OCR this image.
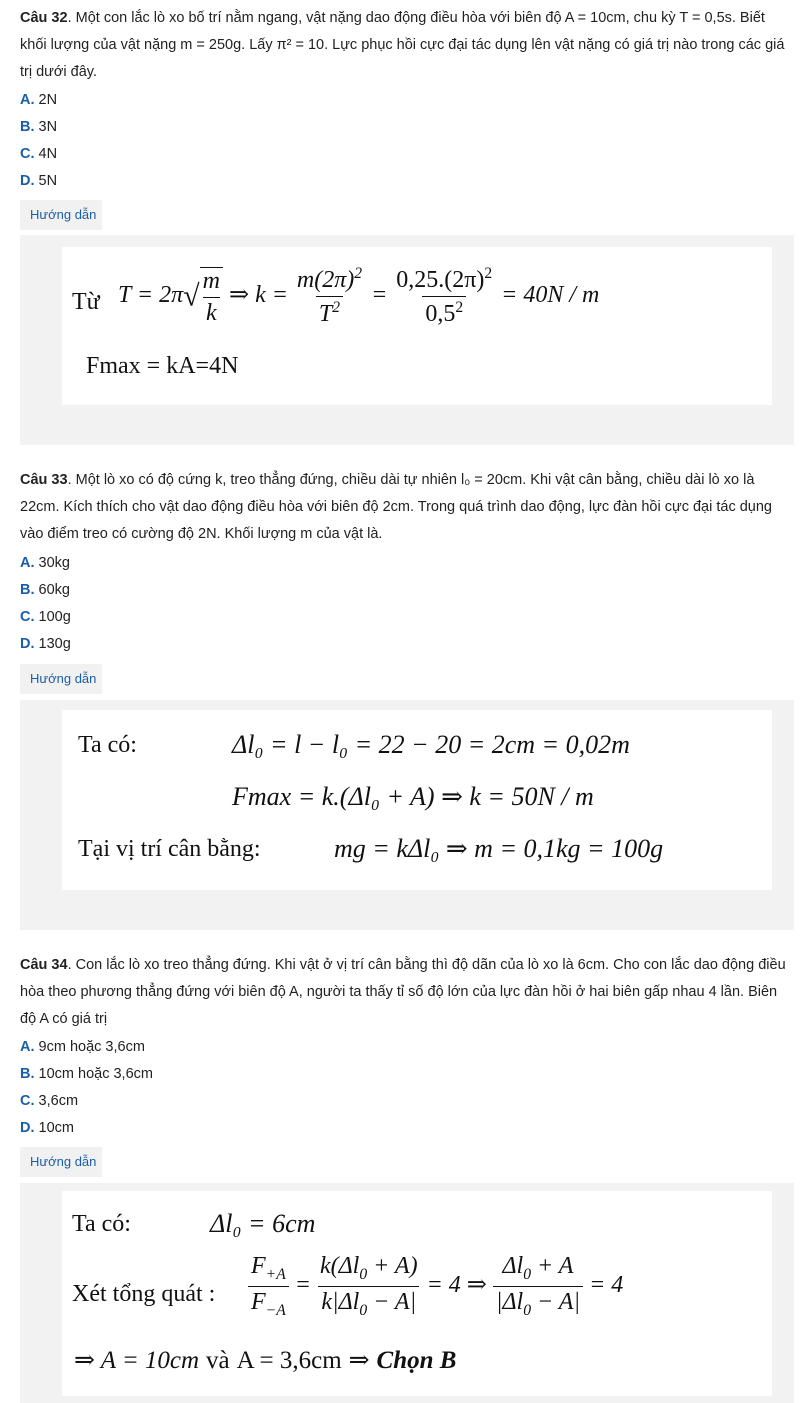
Câu 32. Một con lắc lò xo bố trí nằm ngang, vật nặng dao động điều hòa với biên độ A = 10cm, chu kỳ T = 0,5s. Biết khối lượng của vật nặng m = 250g. Lấy π² = 10. Lực phục hồi cực đại tác dụng lên vật nặng có giá trị nào trong các giá trị dưới đây.
A. 2N
B. 3N
C. 4N
D. 5N
Hướng dẫn
Từ $T = 2\pi√ \frac{m}{k}$ ⇒ $k = \frac{m(2\pi)^2}{T^2} = \frac{0,25.(2\pi)^2}{0,5^2} = 40N / m$
Fmax = kA=4N
Câu 33. Một lò xo có độ cứng k, treo thẳng đứng, chiều dài tự nhiên l₀ = 20cm. Khi vật cân bằng, chiều dài lò xo là 22cm. Kích thích cho vật dao động điều hòa với biên độ 2cm. Trong quá trình dao động, lực đàn hồi cực đại tác dụng vào điểm treo có cường độ 2N. Khối lượng m của vật là.
A. 30kg
B. 60kg
C. 100g
D. 130g
Hướng dẫn
Ta có:	Δl₀ = l − l₀ = 22 − 20 = 2cm = 0,02m
Fmax = k.(Δl₀ + A) ⇒ k = 50N / m
Tại vị trí cân bằng:	mg = kΔl₀ ⇒ m = 0,1kg = 100g
Câu 34. Con lắc lò xo treo thẳng đứng. Khi vật ở vị trí cân bằng thì độ dãn của lò xo là 6cm. Cho con lắc dao động điều hòa theo phương thẳng đứng với biên độ A, người ta thấy tỉ số độ lớn của lực đàn hồi ở hai biên gấp nhau 4 lần. Biên độ A có giá trị
A. 9cm hoặc 3,6cm
B. 10cm hoặc 3,6cm
C. 3,6cm
D. 10cm
Hướng dẫn
Ta có:	Δl₀ = 6cm
Xét tổng quát : $\frac{F_{+A}}{F_{-A}} = \frac{k(\Delta l_0 + A)}{k|\Delta l_0 - A|} = 4$ ⇒ $\frac{\Delta l_0 + A}{|\Delta l_0 - A|} = 4$
⇒ A = 10cm và A = 3,6cm ⇒ Chọn B
